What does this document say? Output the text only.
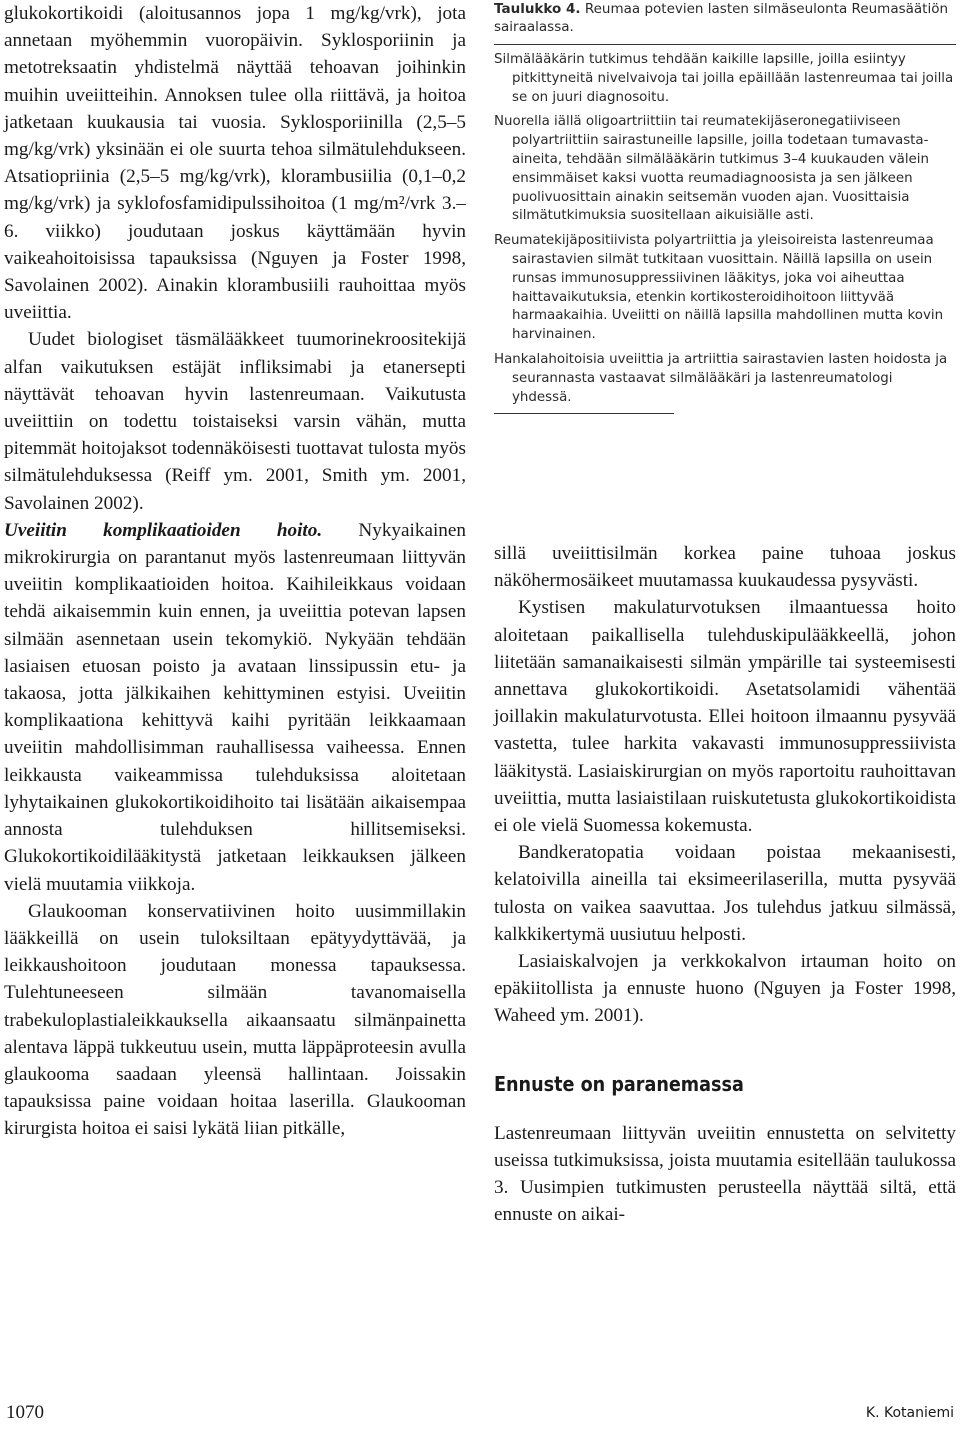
glukokortikoidi (aloitusannos jopa 1 mg/kg/vrk), jota annetaan myöhemmin vuoropäivin. Syklosporiinin ja metotreksaatin yhdistelmä näyttää tehoavan joihinkin muihin uveiitteihin. Annoksen tulee olla riittävä, ja hoitoa jatketaan kuukausia tai vuosia. Syklosporiinilla (2,5–5 mg/kg/vrk) yksinään ei ole suurta tehoa silmätulehdukseen. Atsatiopriinia (2,5–5 mg/kg/vrk), klorambusiilia (0,1–0,2 mg/kg/vrk) ja syklofosfamidipulssihoitoa (1 mg/m²/vrk 3.–6. viikko) joudutaan joskus käyttämään hyvin vaikeahoitoisissa tapauksissa (Nguyen ja Foster 1998, Savolainen 2002). Ainakin klorambusiili rauhoittaa myös uveiittia.

Uudet biologiset täsmälääkkeet tuumorinekroositekijä alfan vaikutuksen estäjät infliksimabi ja etanersepti näyttävät tehoavan hyvin lastenreumaan. Vaikutusta uveiittiin on todettu toistaiseksi varsin vähän, mutta pitemmät hoitojaksot todennäköisesti tuottavat tulosta myös silmätulehduksessa (Reiff ym. 2001, Smith ym. 2001, Savolainen 2002).

Uveiitin komplikaatioiden hoito. Nykyaikainen mikrokirurgia on parantanut myös lastenreumaan liittyvän uveiitin komplikaatioiden hoitoa. Kaihileikkaus voidaan tehdä aikaisemmin kuin ennen, ja uveiittia potevan lapsen silmään asennetaan usein tekomykiö. Nykyään tehdään lasiaisen etuosan poisto ja avataan linssipussin etu- ja takaosa, jotta jälkikaihen kehittyminen estyisi. Uveiitin komplikaationa kehittyvä kaihi pyritään leikkaamaan uveiitin mahdollisimman rauhallisessa vaiheessa. Ennen leikkausta vaikeammissa tulehduksissa aloitetaan lyhytaikainen glukokortikoidihoito tai lisätään aikaisempaa annosta tulehduksen hillitsemiseksi. Glukokortikoidilääkitystä jatketaan leikkauksen jälkeen vielä muutamia viikkoja.

Glaukooman konservatiivinen hoito uusimmillakin lääkkeillä on usein tuloksiltaan epätyydyttävää, ja leikkaushoitoon joudutaan monessa tapauksessa. Tulehtuneeseen silmään tavanomaisella trabekuloplastialeikkauksella aikaansaatu silmänpainetta alentava läppä tukkeutuu usein, mutta läppäproteesin avulla glaukooma saadaan yleensä hallintaan. Joissakin tapauksissa paine voidaan hoitaa laserilla. Glaukooman kirurgista hoitoa ei saisi lykätä liian pitkälle,

Taulukko 4. Reumaa potevien lasten silmäseulonta Reumasäätiön sairaalassa.

Silmälääkärin tutkimus tehdään kaikille lapsille, joilla esiintyy pitkittyneitä nivelvaivoja tai joilla epäillään lastenreumaa tai joilla se on juuri diagnosoitu.
Nuorella iällä oligoartriittiin tai reumatekijäseronegatiiviseen polyartriittiin sairastuneille lapsille, joilla todetaan tumavasta-aineita, tehdään silmälääkärin tutkimus 3–4 kuukauden välein ensimmäiset kaksi vuotta reumadiagnoosista ja sen jälkeen puolivuosittain ainakin seitsemän vuoden ajan. Vuosittaisia silmätutkimuksia suositellaan aikuisiälle asti.
Reumatekijäpositiivista polyartriittia ja yleisoireista lastenreumaa sairastavien silmät tutkitaan vuosittain. Näillä lapsilla on usein runsas immunosuppressiivinen lääkitys, joka voi aiheuttaa haittavaikutuksia, etenkin kortikosteroidihoitoon liittyvää harmaakaihia. Uveiitti on näillä lapsilla mahdollinen mutta kovin harvinainen.
Hankalahoitoisia uveiittia ja artriittia sairastavien lasten hoidosta ja seurannasta vastaavat silmälääkäri ja lastenreumatologi yhdessä.

sillä uveiittisilmän korkea paine tuhoaa joskus näköhermosäikeet muutamassa kuukaudessa pysyvästi.

Kystisen makulaturvotuksen ilmaantuessa hoito aloitetaan paikallisella tulehduskipulääkkeellä, johon liitetään samanaikaisesti silmän ympärille tai systeemisesti annettava glukokortikoidi. Asetatsolamidi vähentää joillakin makulaturvotusta. Ellei hoitoon ilmaannu pysyvää vastetta, tulee harkita vakavasti immunosuppressiivista lääkitystä. Lasiaiskirurgian on myös raportoitu rauhoittavan uveiittia, mutta lasiaistilaan ruiskutetusta glukokortikoidista ei ole vielä Suomessa kokemusta.

Bandkeratopatia voidaan poistaa mekaanisesti, kelatoivilla aineilla tai eksimeerilaserilla, mutta pysyvää tulosta on vaikea saavuttaa. Jos tulehdus jatkuu silmässä, kalkkikertymä uusiutuu helposti.

Lasiaiskalvojen ja verkkokalvon irtauman hoito on epäkiitollista ja ennuste huono (Nguyen ja Foster 1998, Waheed ym. 2001).

Ennuste on paranemassa

Lastenreumaan liittyvän uveiitin ennustetta on selvitetty useissa tutkimuksissa, joista muutamia esitellään taulukossa 3. Uusimpien tutkimusten perusteella näyttää siltä, että ennuste on aikai-

1070	K. Kotaniemi
